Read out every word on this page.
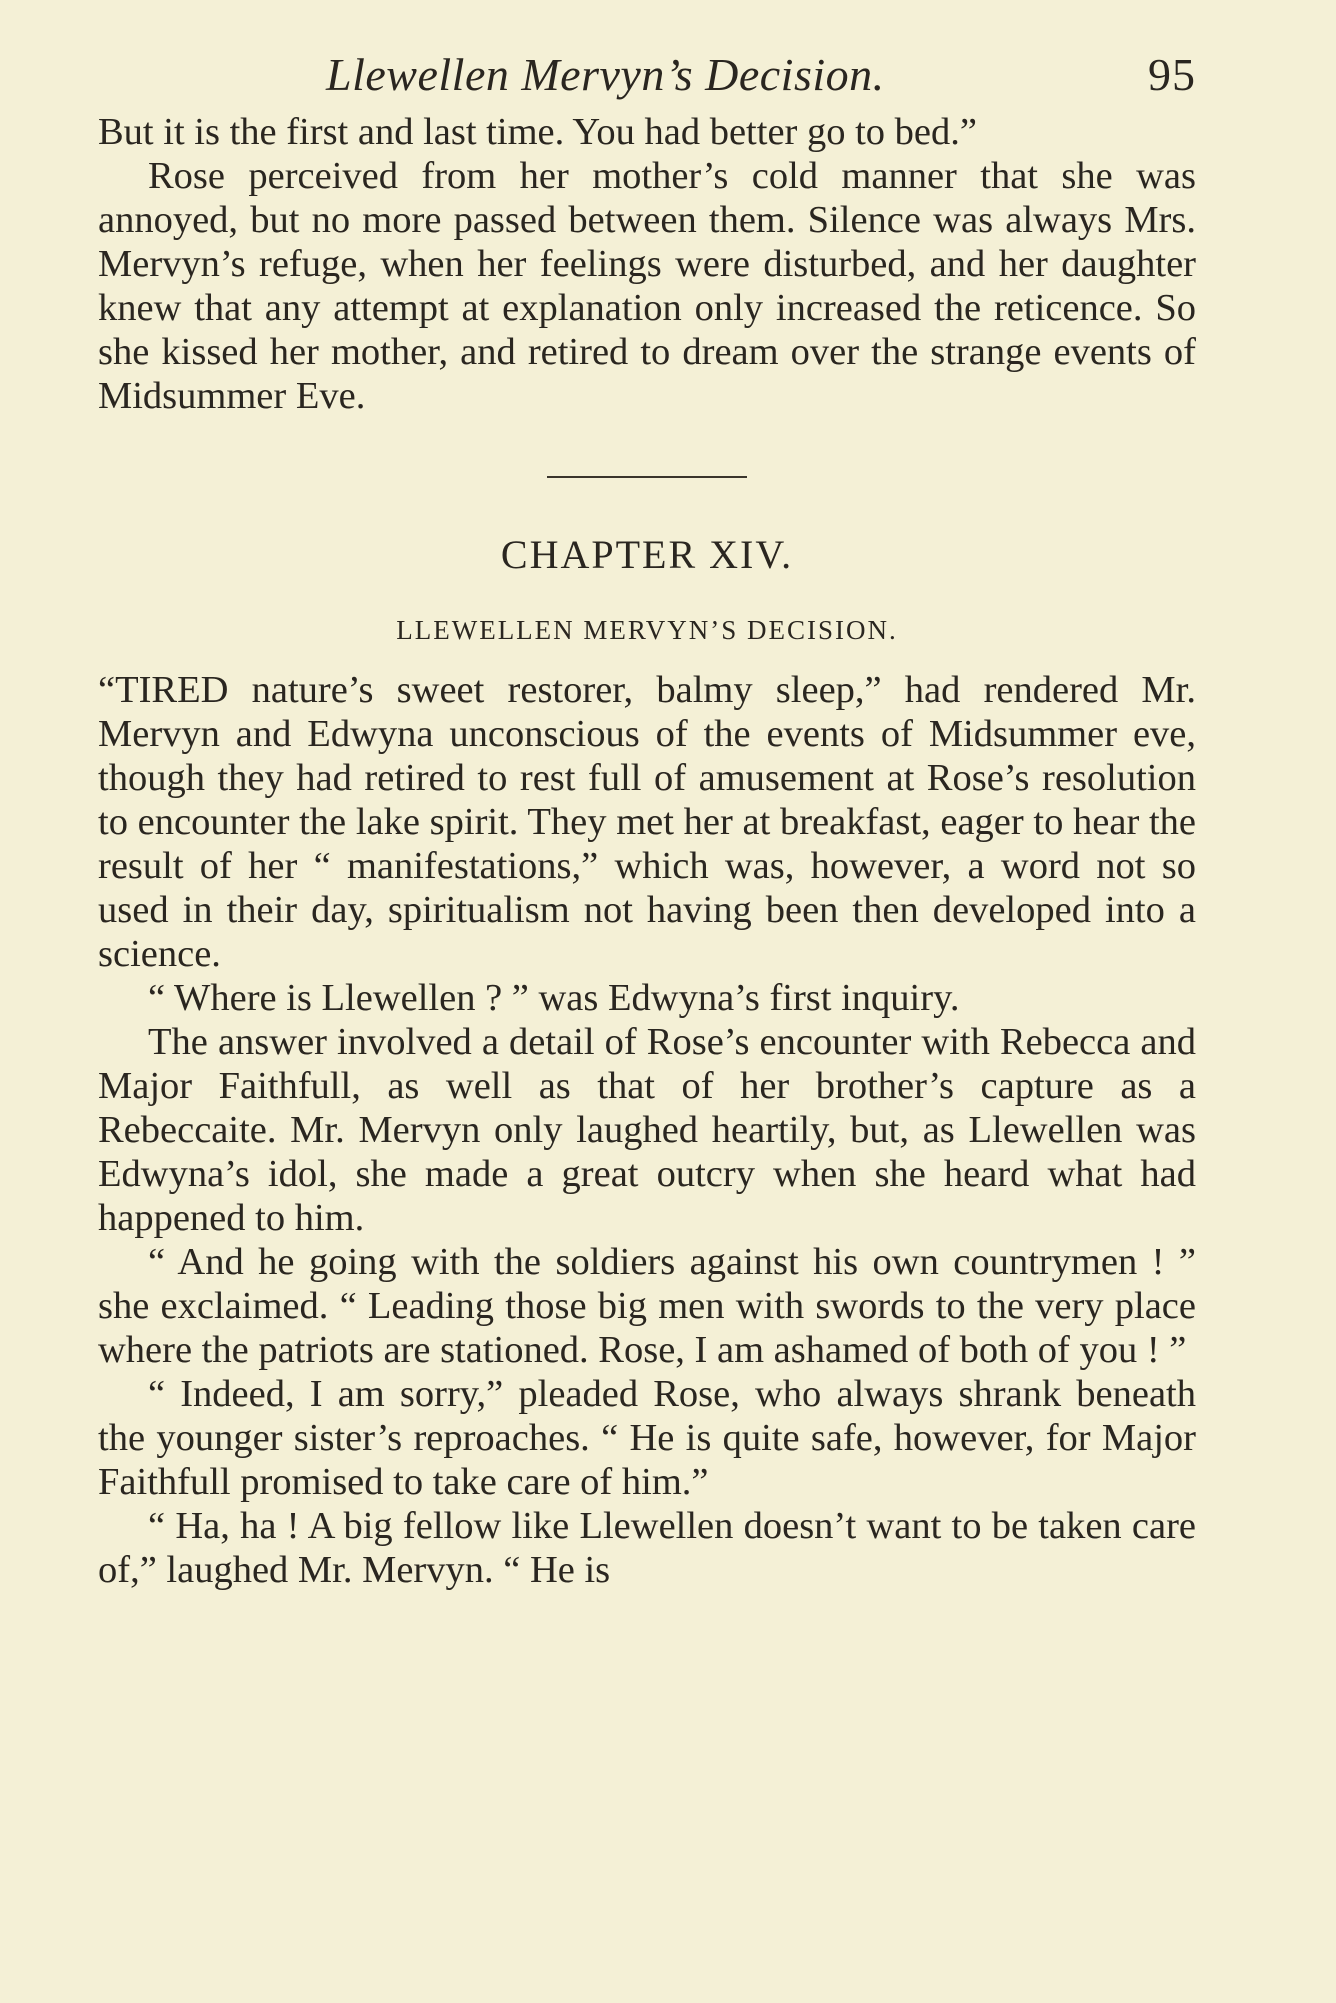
Llewellen Mervyn’s Decision.	95

But it is the first and last time. You had better go to bed.”

Rose perceived from her mother’s cold manner that she was annoyed, but no more passed between them. Silence was always Mrs. Mervyn’s refuge, when her feelings were disturbed, and her daughter knew that any attempt at explanation only increased the reticence. So she kissed her mother, and retired to dream over the strange events of Midsummer Eve.

CHAPTER XIV.
LLEWELLEN MERVYN’S DECISION.

“TIRED nature’s sweet restorer, balmy sleep,” had rendered Mr. Mervyn and Edwyna unconscious of the events of Midsummer eve, though they had retired to rest full of amusement at Rose’s resolution to encounter the lake spirit. They met her at breakfast, eager to hear the result of her “ manifestations,” which was, however, a word not so used in their day, spiritualism not having been then developed into a science.

“ Where is Llewellen ? ” was Edwyna’s first inquiry.

The answer involved a detail of Rose’s encounter with Rebecca and Major Faithfull, as well as that of her brother’s capture as a Rebeccaite. Mr. Mervyn only laughed heartily, but, as Llewellen was Edwyna’s idol, she made a great outcry when she heard what had happened to him.

“ And he going with the soldiers against his own countrymen ! ” she exclaimed. “ Leading those big men with swords to the very place where the patriots are stationed. Rose, I am ashamed of both of you ! ”

“ Indeed, I am sorry,” pleaded Rose, who always shrank beneath the younger sister’s reproaches. “ He is quite safe, however, for Major Faithfull promised to take care of him.”

“ Ha, ha ! A big fellow like Llewellen doesn’t want to be taken care of,” laughed Mr. Mervyn. “ He is
